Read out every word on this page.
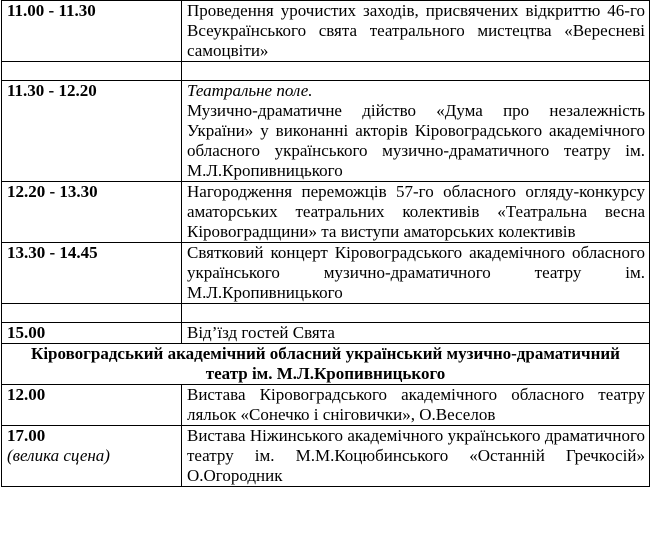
11.00 - 11.30	Проведення урочистих заходів, присвячених відкриттю 46-го Всеукраїнського свята театрального мистецтва «Вересневі самоцвіти»

11.30 - 12.20	Театральне поле.
Музично-драматичне дійство «Дума про незалежність України» у виконанні акторів Кіровоградського академічного обласного українського музично-драматичного театру ім. М.Л.Кропивницького

12.20 - 13.30	Нагородження переможців 57-го обласного огляду-конкурсу аматорських театральних колективів «Театральна весна Кіровоградщини» та виступи аматорських колективів

13.30 - 14.45	Святковий концерт Кіровоградського академічного обласного українського музично-драматичного театру ім. М.Л.Кропивницького

15.00	Від’їзд гостей Свята

Кіровоградський академічний обласний український музично-драматичний театр ім. М.Л.Кропивницького	
12.00	Вистава Кіровоградського академічного обласного театру ляльок «Сонечко і сніговички», О.Веселов

17.00
(велика сцена)	Вистава Ніжинського академічного українського драматичного театру ім. М.М.Коцюбинського «Останній Гречкосій» О.Огородник
